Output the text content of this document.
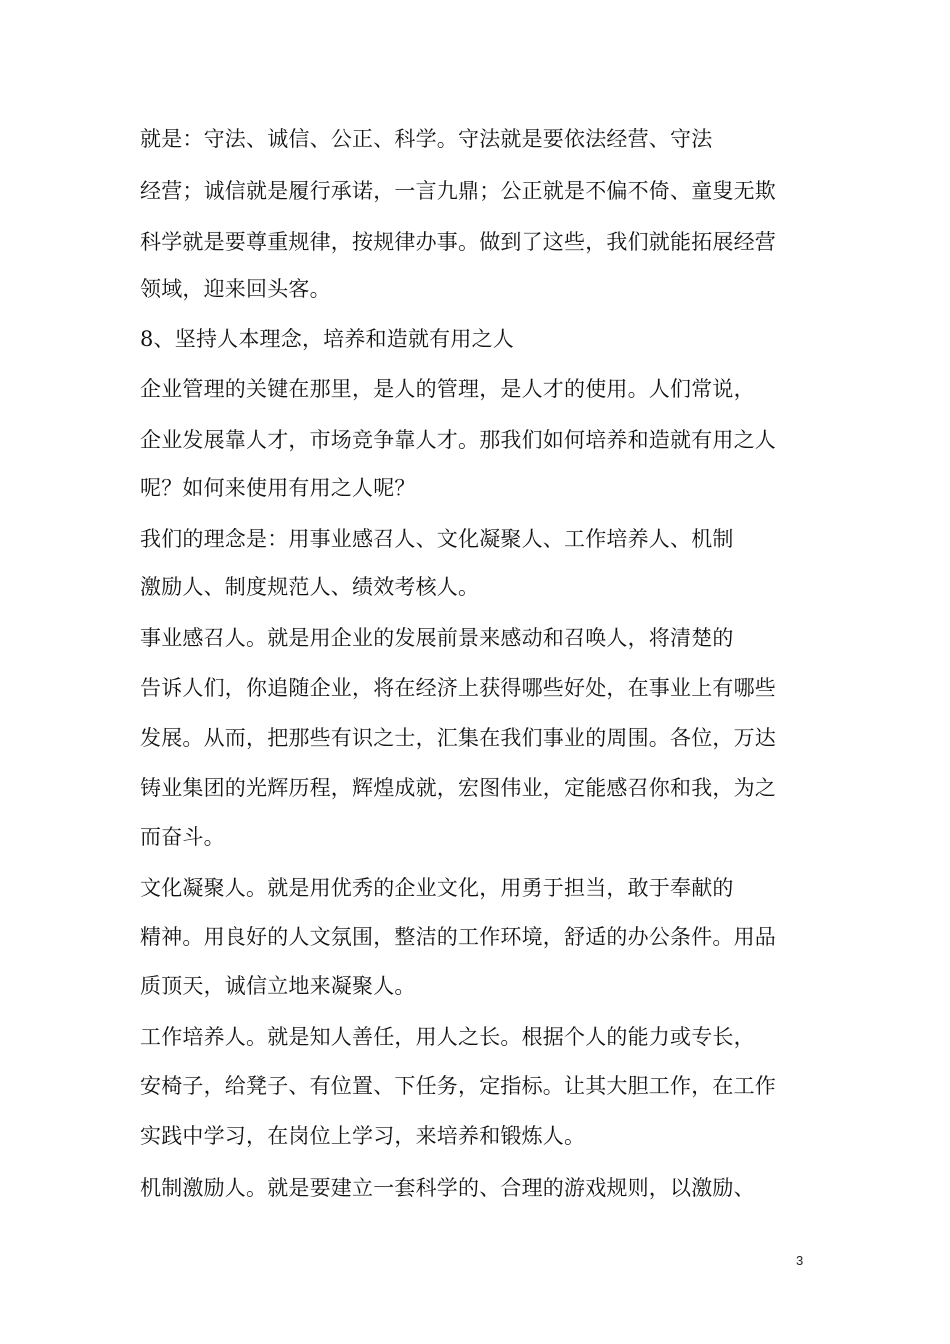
就是：守法、诚信、公正、科学。守法就是要依法经营、守法
经营；诚信就是履行承诺，一言九鼎；公正就是不偏不倚、童叟无欺
科学就是要尊重规律，按规律办事。做到了这些，我们就能拓展经营
领域，迎来回头客。
8、坚持人本理念，培养和造就有用之人
企业管理的关键在那里，是人的管理，是人才的使用。人们常说，
企业发展靠人才，市场竞争靠人才。那我们如何培养和造就有用之人
呢？如何来使用有用之人呢？
我们的理念是：用事业感召人、文化凝聚人、工作培养人、机制
激励人、制度规范人、绩效考核人。
事业感召人。就是用企业的发展前景来感动和召唤人，将清楚的
告诉人们，你追随企业，将在经济上获得哪些好处，在事业上有哪些
发展。从而，把那些有识之士，汇集在我们事业的周围。各位，万达
铸业集团的光辉历程，辉煌成就，宏图伟业，定能感召你和我，为之
而奋斗。
文化凝聚人。就是用优秀的企业文化，用勇于担当，敢于奉献的
精神。用良好的人文氛围，整洁的工作环境，舒适的办公条件。用品
质顶天，诚信立地来凝聚人。
工作培养人。就是知人善任，用人之长。根据个人的能力或专长，
安椅子，给凳子、有位置、下任务，定指标。让其大胆工作，在工作
实践中学习，在岗位上学习，来培养和锻炼人。
机制激励人。就是要建立一套科学的、合理的游戏规则，以激励、
3
